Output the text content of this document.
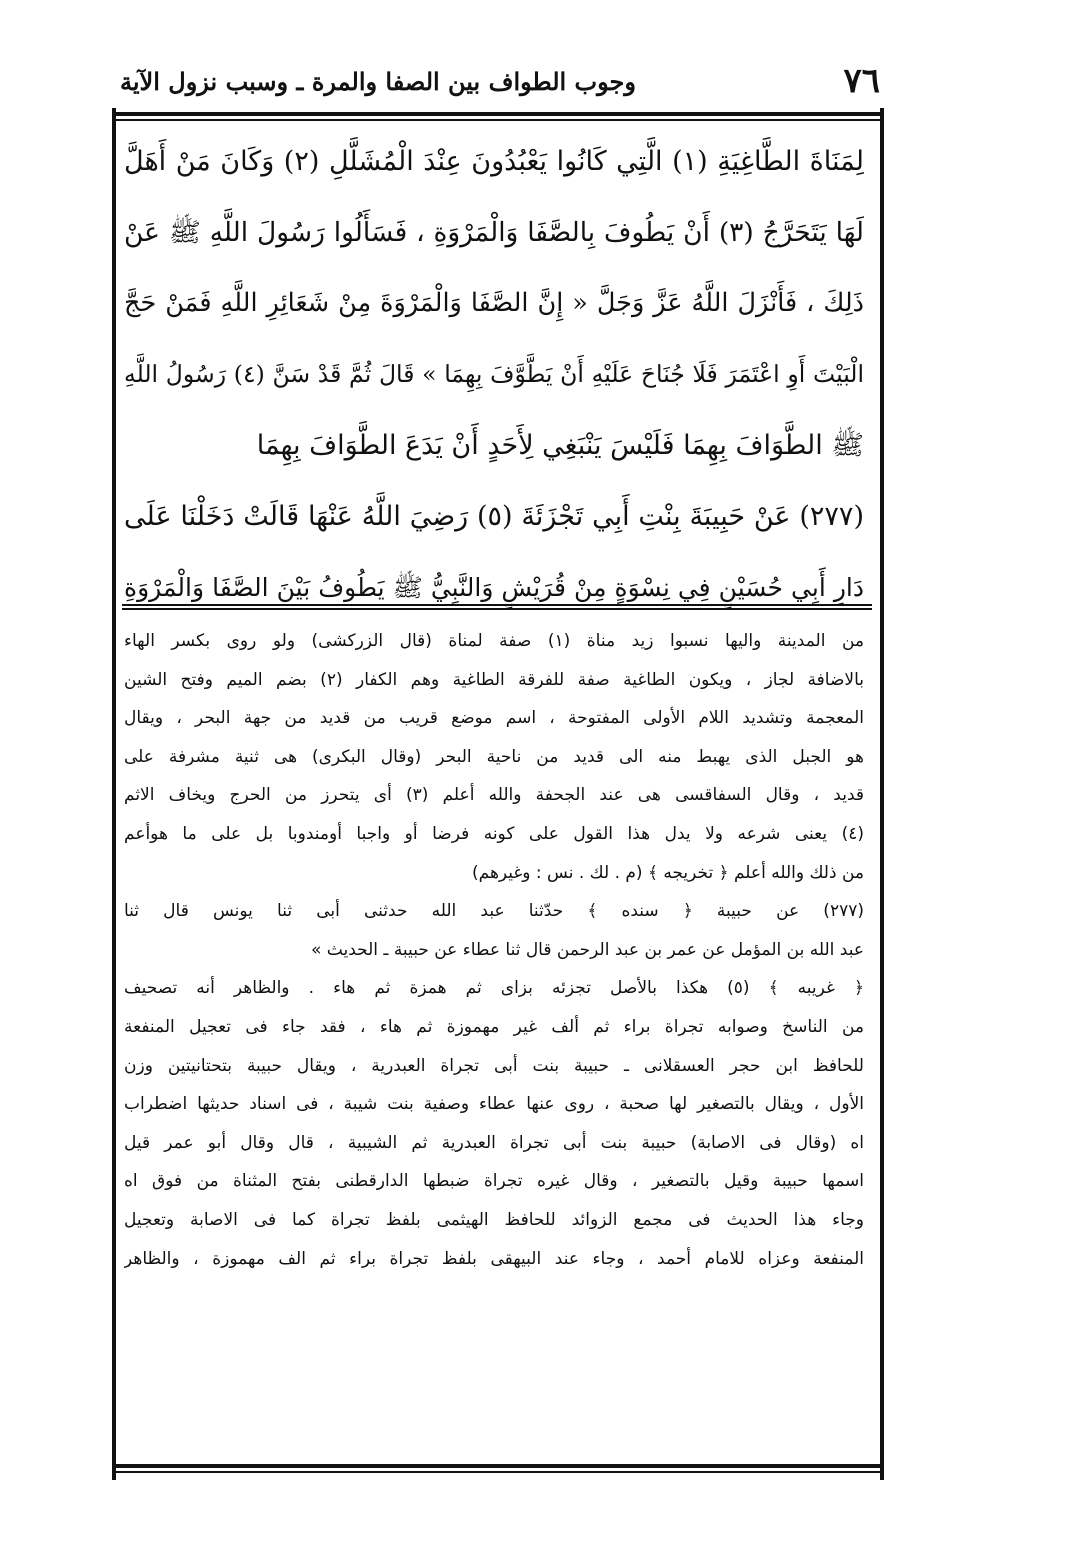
٧٦
وجوب الطواف بين الصفا والمرة ـ وسبب نزول الآية
لِمَنَاةَ الطَّاغِيَةِ (١) الَّتِي كَانُوا يَعْبُدُونَ عِنْدَ الْمُشَلَّلِ (٢) وَكَانَ مَنْ أَهَلَّ
لَهَا يَتَحَرَّجُ (٣) أَنْ يَطُوفَ بِالصَّفَا وَالْمَرْوَةِ ، فَسَأَلُوا رَسُولَ اللَّهِ ﷺ عَنْ
ذَلِكَ ، فَأَنْزَلَ اللَّهُ عَزَّ وَجَلَّ « إِنَّ الصَّفَا وَالْمَرْوَةَ مِنْ شَعَائِرِ اللَّهِ فَمَنْ حَجَّ
الْبَيْتَ أَوِ اعْتَمَرَ فَلَا جُنَاحَ عَلَيْهِ أَنْ يَطَّوَّفَ بِهِمَا » قَالَ ثُمَّ قَدْ سَنَّ (٤) رَسُولُ اللَّهِ
ﷺ الطَّوَافَ بِهِمَا فَلَيْسَ يَنْبَغِي لِأَحَدٍ أَنْ يَدَعَ الطَّوَافَ بِهِمَا
(٢٧٧) عَنْ حَبِيبَةَ بِنْتِ أَبِي تَجْزَئَةَ (٥) رَضِيَ اللَّهُ عَنْهَا قَالَتْ دَخَلْنَا عَلَى
دَارِ أَبِي حُسَيْنٍ فِي نِسْوَةٍ مِنْ قُرَيْشٍ وَالنَّبِيُّ ﷺ يَطُوفُ بَيْنَ الصَّفَا وَالْمَرْوَةِ
من المدينة واليها نسبوا زيد مناة (١) صفة لمناة (قال الزركشى) ولو روى بكسر الهاء
بالاضافة لجاز ، ويكون الطاغية صفة للفرقة الطاغية وهم الكفار (٢) بضم الميم وفتح الشين
المعجمة وتشديد اللام الأولى المفتوحة ، اسم موضع قريب من قديد من جهة البحر ، ويقال
هو الجبل الذى يهبط منه الى قديد من ناحية البحر (وقال البكرى) هى ثنية مشرفة على
قديد ، وقال السفاقسى هى عند الجحفة والله أعلم (٣) أى يتحرز من الحرج ويخاف الاثم
(٤) يعنى شرعه ولا يدل هذا القول على كونه فرضا أو واجبا أومندوبا بل على ما هوأعم
من ذلك والله أعلم ﴿ تخريجه ﴾ (م . لك . نس : وغيرهم)
(٢٧٧) عن حبيبة ﴿ سنده ﴾ حدّثنا عبد الله حدثنى أبى ثنا يونس قال ثنا
عبد الله بن المؤمل عن عمر بن عبد الرحمن قال ثنا عطاء عن حبيبة ـ الحديث »
﴿ غريبه ﴾ (٥) هكذا بالأصل تجزئه بزاى ثم همزة ثم هاء . والظاهر أنه تصحيف
من الناسخ وصوابه تجراة براء ثم ألف غير مهموزة ثم هاء ، فقد جاء فى تعجيل المنفعة
للحافظ ابن حجر العسقلانى ـ حبيبة بنت أبى تجراة العبدرية ، ويقال حبيبة بتحتانيتين وزن
الأول ، ويقال بالتصغير لها صحبة ، روى عنها عطاء وصفية بنت شيبة ، فى اسناد حديثها اضطراب
اه (وقال فى الاصابة) حبيبة بنت أبى تجراة العبدرية ثم الشيبية ، قال وقال أبو عمر قيل
اسمها حبيبة وقيل بالتصغير ، وقال غيره تجراة ضبطها الدارقطنى بفتح المثناة من فوق اه
وجاء هذا الحديث فى مجمع الزوائد للحافظ الهيثمى بلفظ تجراة كما فى الاصابة وتعجيل
المنفعة وعزاه للامام أحمد ، وجاء عند البيهقى بلفظ تجراة براء ثم الف مهموزة ، والظاهر
